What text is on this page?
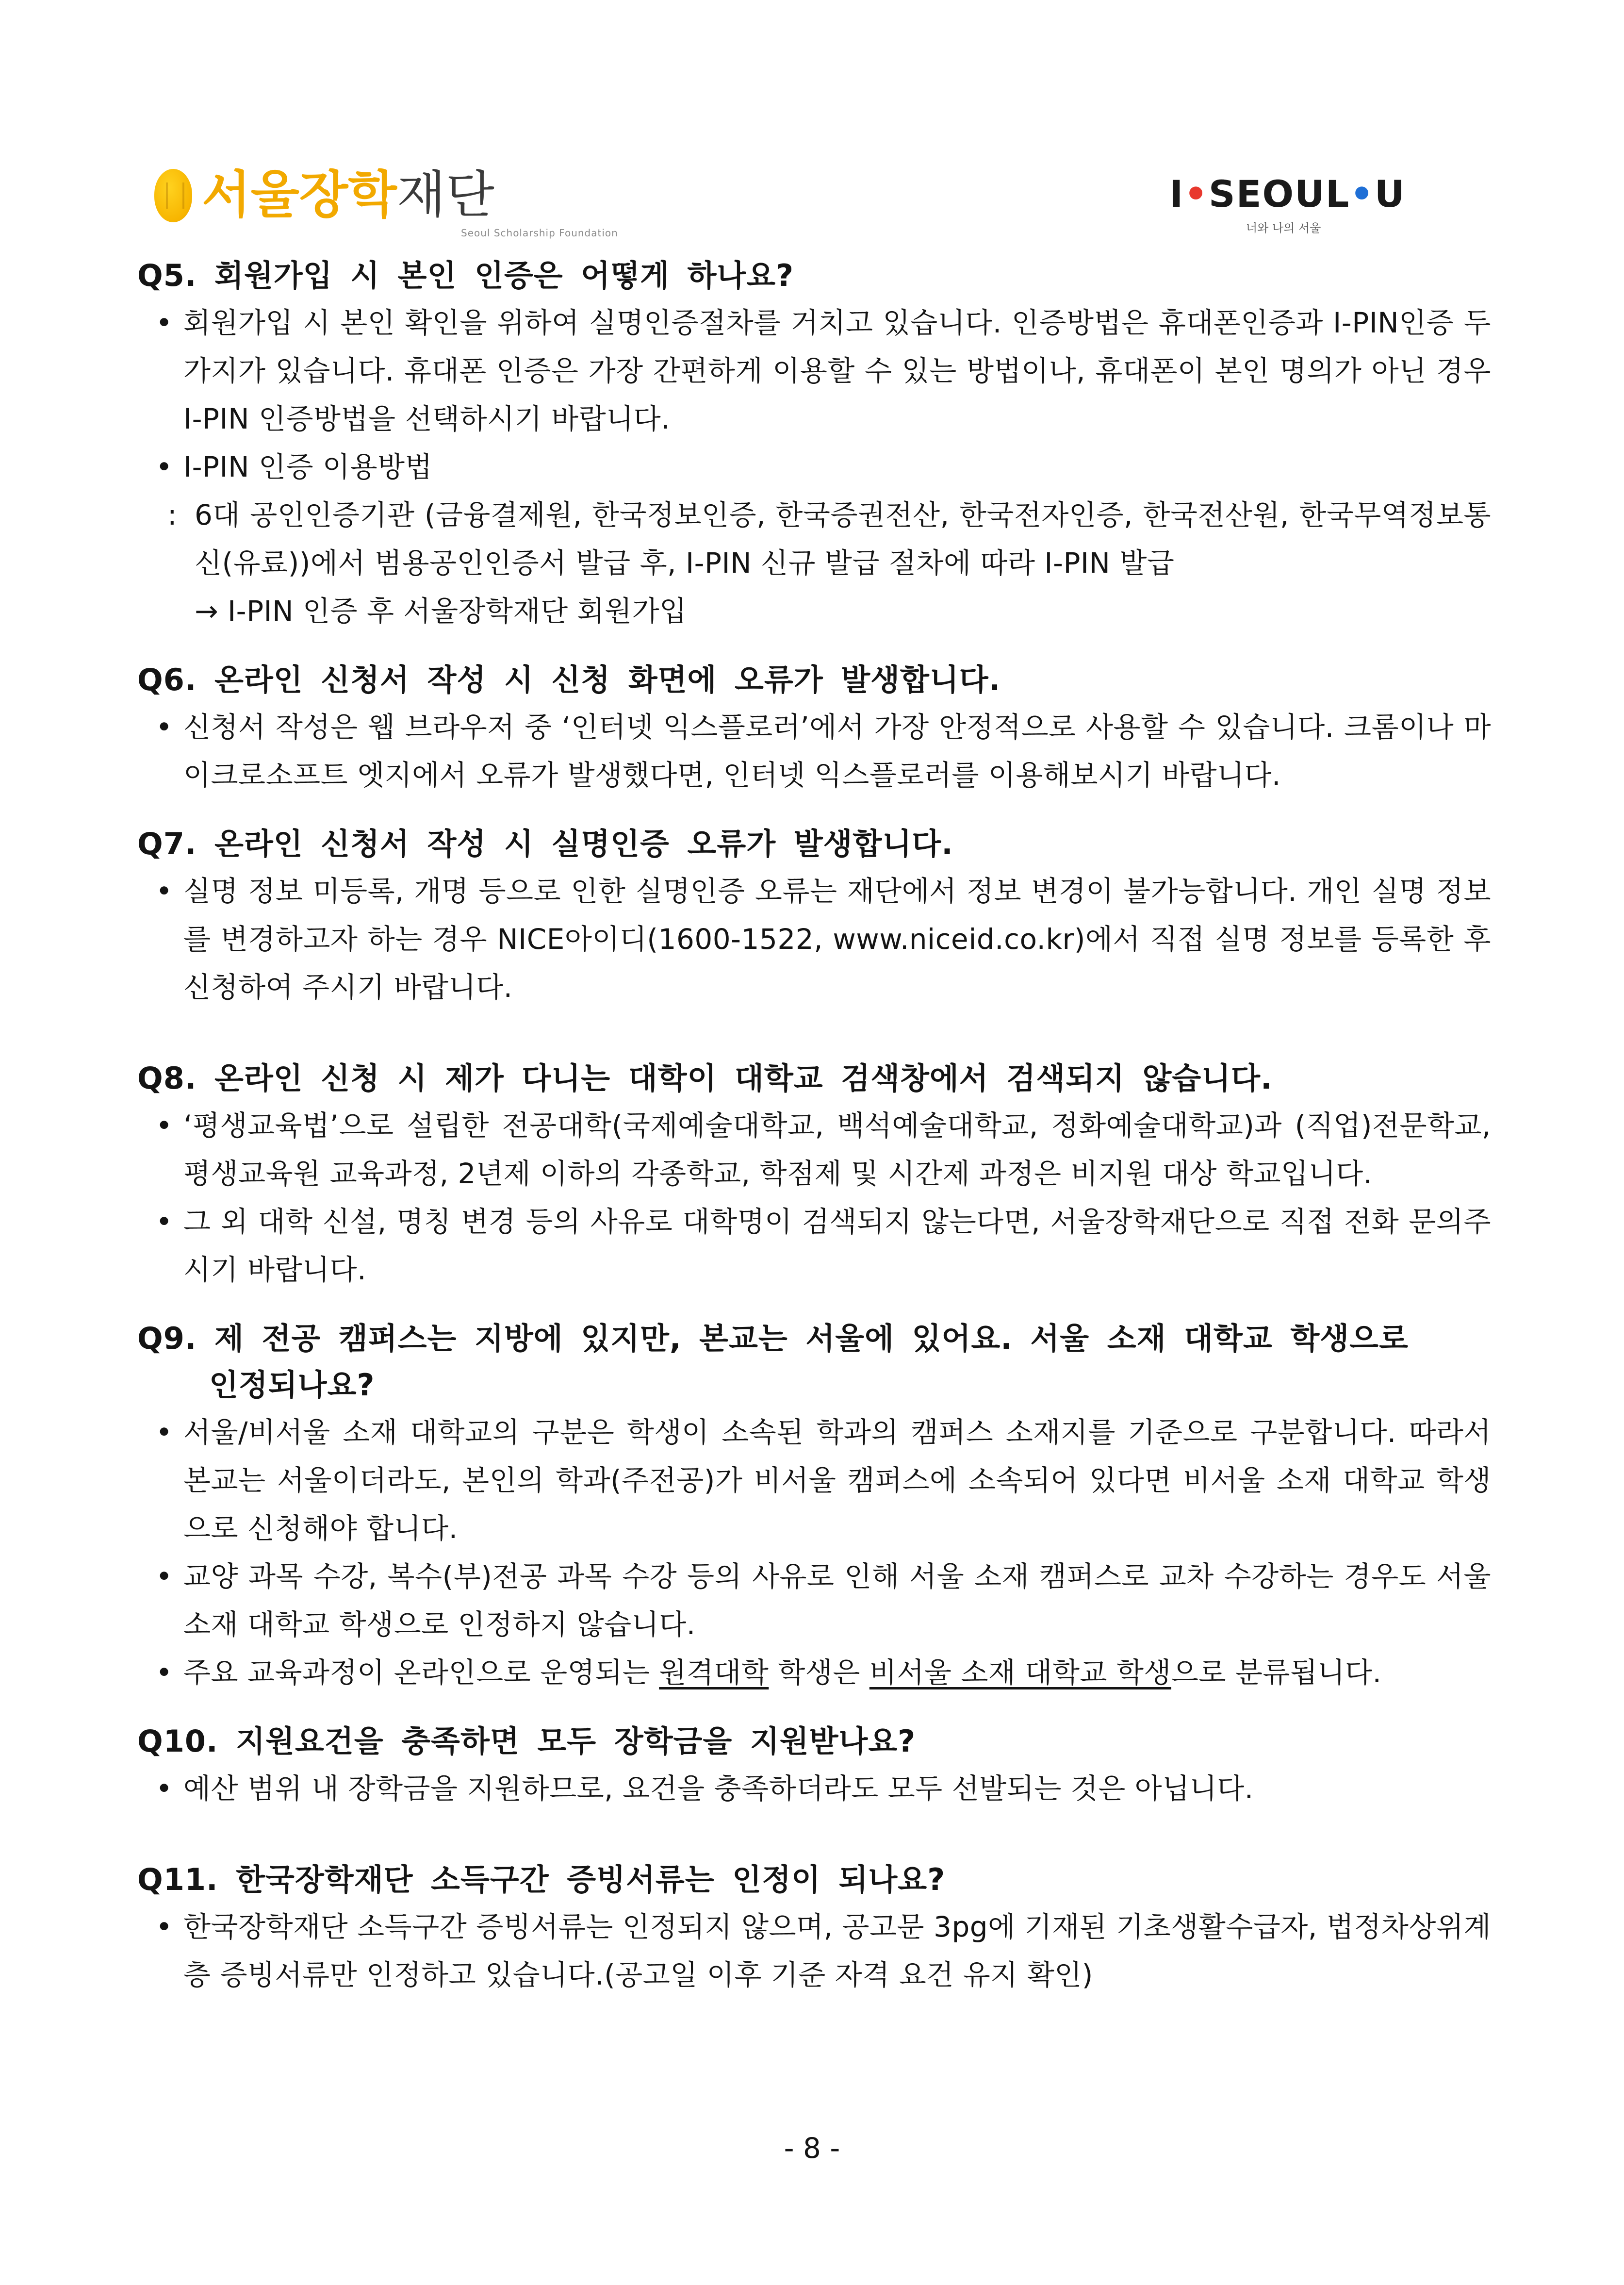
서울장학재단
Seoul Scholarship Foundation
I•SEOUL•U
너와 나의 서울
Q5. 회원가입 시 본인 인증은 어떻게 하나요?
• 회원가입 시 본인 확인을 위하여 실명인증절차를 거치고 있습니다. 인증방법은 휴대폰인증과 I-PIN인증 두 가지가 있습니다. 휴대폰 인증은 가장 간편하게 이용할 수 있는 방법이나, 휴대폰이 본인 명의가 아닌 경우 I-PIN 인증방법을 선택하시기 바랍니다.
• I-PIN 인증 이용방법
: 6대 공인인증기관 (금융결제원, 한국정보인증, 한국증권전산, 한국전자인증, 한국전산원, 한국무역정보통신(유료))에서 범용공인인증서 발급 후, I-PIN 신규 발급 절차에 따라 I-PIN 발급
→ I-PIN 인증 후 서울장학재단 회원가입
Q6. 온라인 신청서 작성 시 신청 화면에 오류가 발생합니다.
• 신청서 작성은 웹 브라우저 중 ‘인터넷 익스플로러’에서 가장 안정적으로 사용할 수 있습니다. 크롬이나 마이크로소프트 엣지에서 오류가 발생했다면, 인터넷 익스플로러를 이용해보시기 바랍니다.
Q7. 온라인 신청서 작성 시 실명인증 오류가 발생합니다.
• 실명 정보 미등록, 개명 등으로 인한 실명인증 오류는 재단에서 정보 변경이 불가능합니다. 개인 실명 정보를 변경하고자 하는 경우 NICE아이디(1600-1522, www.niceid.co.kr)에서 직접 실명 정보를 등록한 후 신청하여 주시기 바랍니다.
Q8. 온라인 신청 시 제가 다니는 대학이 대학교 검색창에서 검색되지 않습니다.
• ‘평생교육법’으로 설립한 전공대학(국제예술대학교, 백석예술대학교, 정화예술대학교)과 (직업)전문학교, 평생교육원 교육과정, 2년제 이하의 각종학교, 학점제 및 시간제 과정은 비지원 대상 학교입니다.
• 그 외 대학 신설, 명칭 변경 등의 사유로 대학명이 검색되지 않는다면, 서울장학재단으로 직접 전화 문의주시기 바랍니다.
Q9. 제 전공 캠퍼스는 지방에 있지만, 본교는 서울에 있어요. 서울 소재 대학교 학생으로
인정되나요?
• 서울/비서울 소재 대학교의 구분은 학생이 소속된 학과의 캠퍼스 소재지를 기준으로 구분합니다. 따라서 본교는 서울이더라도, 본인의 학과(주전공)가 비서울 캠퍼스에 소속되어 있다면 비서울 소재 대학교 학생으로 신청해야 합니다.
• 교양 과목 수강, 복수(부)전공 과목 수강 등의 사유로 인해 서울 소재 캠퍼스로 교차 수강하는 경우도 서울 소재 대학교 학생으로 인정하지 않습니다.
• 주요 교육과정이 온라인으로 운영되는 원격대학 학생은 비서울 소재 대학교 학생으로 분류됩니다.
Q10. 지원요건을 충족하면 모두 장학금을 지원받나요?
• 예산 범위 내 장학금을 지원하므로, 요건을 충족하더라도 모두 선발되는 것은 아닙니다.
Q11. 한국장학재단 소득구간 증빙서류는 인정이 되나요?
• 한국장학재단 소득구간 증빙서류는 인정되지 않으며, 공고문 3pg에 기재된 기초생활수급자, 법정차상위계층 증빙서류만 인정하고 있습니다.(공고일 이후 기준 자격 요건 유지 확인)
- 8 -
